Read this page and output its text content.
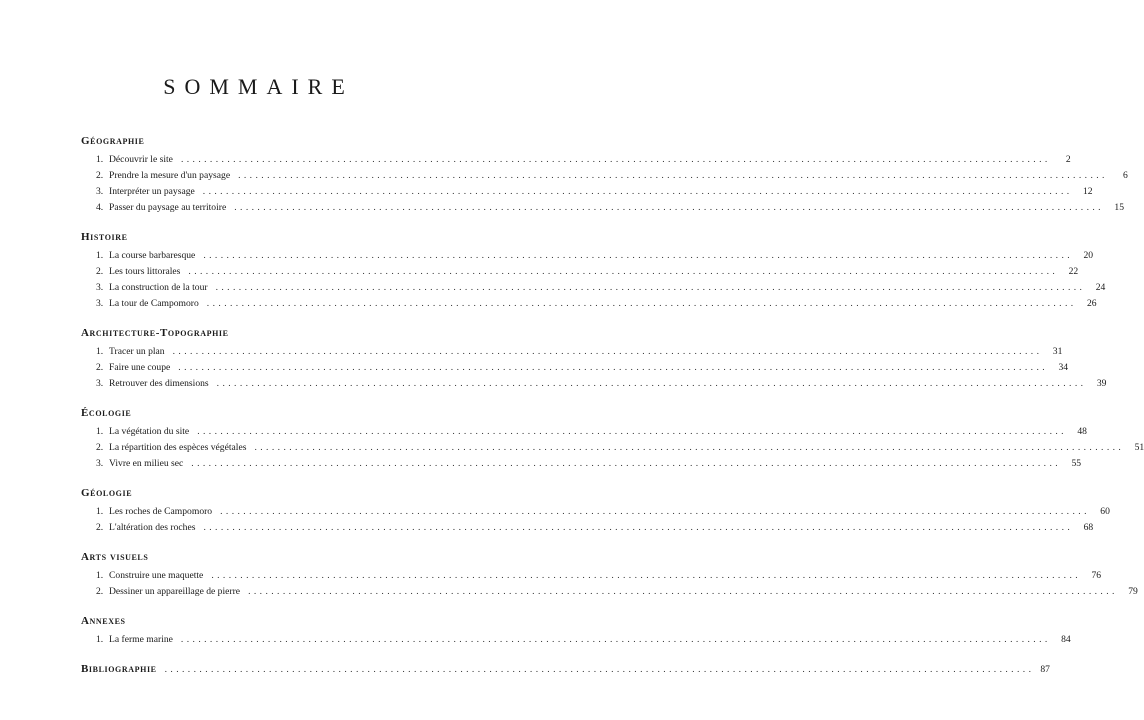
SOMMAIRE
Géographie
1. Découvrir le site ......................................................................................................................................................	2
2. Prendre la mesure d'un paysage ......................................................................................................................................................	6
3. Interpréter un paysage ......................................................................................................................................................	12
4. Passer du paysage au territoire ......................................................................................................................................................	15
Histoire
1. La course barbaresque ......................................................................................................................................................	20
2. Les tours littorales ......................................................................................................................................................	22
3. La construction de la tour ......................................................................................................................................................	24
3. La tour de Campomoro ......................................................................................................................................................	26
Architecture-Topographie
1. Tracer un plan ......................................................................................................................................................	31
2. Faire une coupe ......................................................................................................................................................	34
3. Retrouver des dimensions ......................................................................................................................................................	39
Écologie
1. La végétation du site ......................................................................................................................................................	48
2. La répartition des espèces végétales ......................................................................................................................................................	51
3. Vivre en milieu sec ......................................................................................................................................................	55
Géologie
1. Les roches de Campomoro ......................................................................................................................................................	60
2. L'altération des roches ......................................................................................................................................................	68
Arts visuels
1. Construire une maquette ......................................................................................................................................................	76
2. Dessiner un appareillage de pierre ......................................................................................................................................................	79
Annexes
1. La ferme marine ......................................................................................................................................................	84
Bibliographie ...................................................................................................................................................... 87
